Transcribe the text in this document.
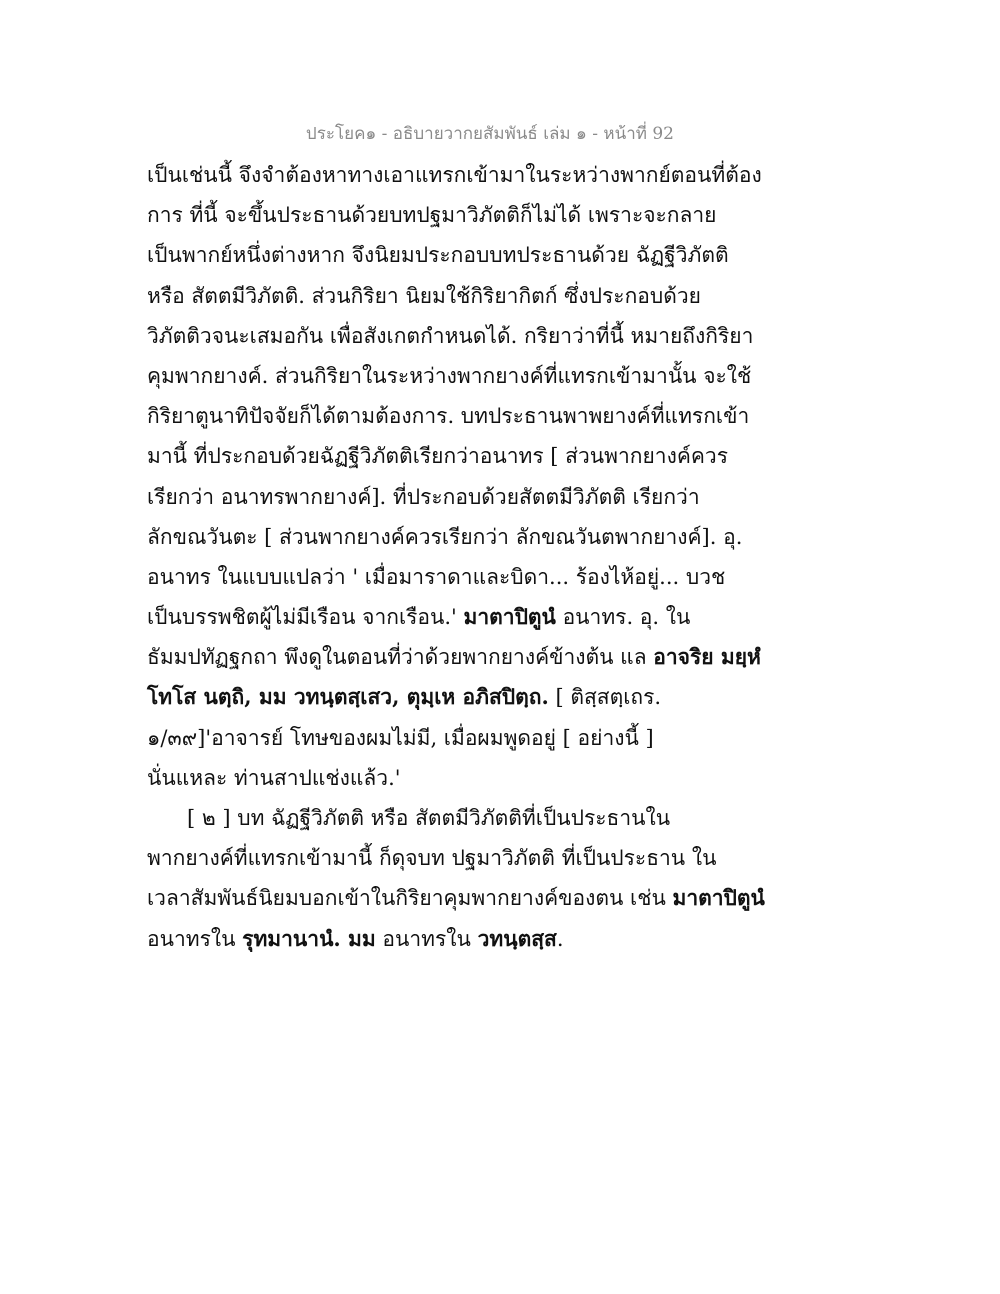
ประโยค๑ - อธิบายวากยสัมพันธ์ เล่ม ๑ - หน้าที่ 92
เป็นเช่นนี้ จึงจำต้องหาทางเอาแทรกเข้ามาในระหว่างพากย์ตอนที่ต้อง
การ ที่นี้ จะขึ้นประธานด้วยบทปฐมาวิภัตติก็ไม่ได้ เพราะจะกลาย
เป็นพากย์หนึ่งต่างหาก จึงนิยมประกอบบทประธานด้วย ฉัฏฐีวิภัตติ
หรือ สัตตมีวิภัตติ. ส่วนกิริยา นิยมใช้กิริยากิตก์ ซึ่งประกอบด้วย
วิภัตติวจนะเสมอกัน เพื่อสังเกตกำหนดได้. กริยาว่าที่นี้ หมายถึงกิริยา
คุมพากยางค์. ส่วนกิริยาในระหว่างพากยางค์ที่แทรกเข้ามานั้น จะใช้
กิริยาตูนาทิปัจจัยก็ได้ตามต้องการ. บทประธานพาพยางค์ที่แทรกเข้า
มานี้ ที่ประกอบด้วยฉัฏฐีวิภัตติเรียกว่าอนาทร [ ส่วนพากยางค์ควร
เรียกว่า อนาทรพากยางค์]. ที่ประกอบด้วยสัตตมีวิภัตติ เรียกว่า
ลักขณวันตะ [ ส่วนพากยางค์ควรเรียกว่า ลักขณวันตพากยางค์]. อุ.
อนาทร ในแบบแปลว่า ' เมื่อมาราดาและบิดา... ร้องไห้อยู่... บวช
เป็นบรรพชิตผู้ไม่มีเรือน จากเรือน.' มาตาปิตูนํ อนาทร. อุ. ใน
ธัมมปทัฏฐกถา พึงดูในตอนที่ว่าด้วยพากยางค์ข้างต้น แล อาจริย มยฺหํ
โทโส นตฺถิ, มม วทนฺตสฺเสว, ตุมฺเห อภิสปิตฺถ. [ ติสฺสตฺเถร.
๑/๓๙]'อาจารย์ โทษของผมไม่มี, เมื่อผมพูดอยู่ [ อย่างนี้ ]
นั่นแหละ ท่านสาปแช่งแล้ว.'
[ ๒ ] บท ฉัฏฐีวิภัตติ หรือ สัตตมีวิภัตติที่เป็นประธานใน
พากยางค์ที่แทรกเข้ามานี้ ก็ดุจบท ปฐมาวิภัตติ ที่เป็นประธาน ใน
เวลาสัมพันธ์นิยมบอกเข้าในกิริยาคุมพากยางค์ของตน เช่น มาตาปิตูนํ
อนาทรใน รุทมานานํ. มม อนาทรใน วทนฺตสฺส.
